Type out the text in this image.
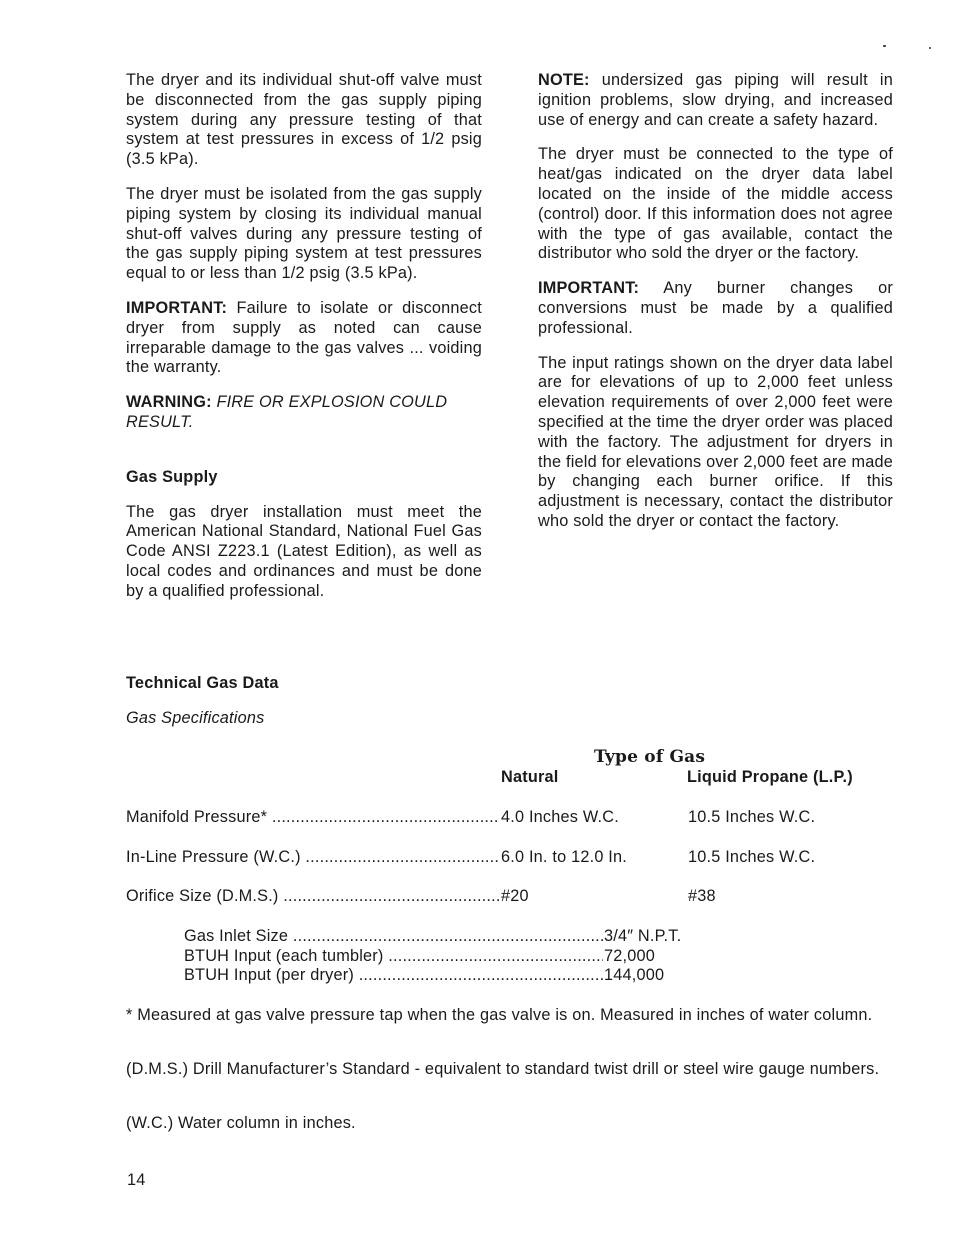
The dryer and its individual shut-off valve must be disconnected from the gas supply piping system during any pressure testing of that system at test pressures in excess of 1/2 psig (3.5 kPa).

The dryer must be isolated from the gas supply piping system by closing its individual manual shut-off valves during any pressure testing of the gas supply piping system at test pressures equal to or less than 1/2 psig (3.5 kPa).

IMPORTANT: Failure to isolate or disconnect dryer from supply as noted can cause irreparable damage to the gas valves ... voiding the warranty.

WARNING: FIRE OR EXPLOSION COULD RESULT.

Gas Supply

The gas dryer installation must meet the American National Standard, National Fuel Gas Code ANSI Z223.1 (Latest Edition), as well as local codes and ordinances and must be done by a qualified professional.

NOTE: undersized gas piping will result in ignition problems, slow drying, and increased use of energy and can create a safety hazard.

The dryer must be connected to the type of heat/gas indicated on the dryer data label located on the inside of the middle access (control) door. If this information does not agree with the type of gas available, contact the distributor who sold the dryer or the factory.

IMPORTANT: Any burner changes or conversions must be made by a qualified professional.

The input ratings shown on the dryer data label are for elevations of up to 2,000 feet unless elevation requirements of over 2,000 feet were specified at the time the dryer order was placed with the factory. The adjustment for dryers in the field for elevations over 2,000 feet are made by changing each burner orifice. If this adjustment is necessary, contact the distributor who sold the dryer or contact the factory.

Technical Gas Data
Gas Specifications
Type of Gas
Natural	Liquid Propane (L.P.)
Manifold Pressure* .....	4.0 Inches W.C.	10.5 Inches W.C.
In-Line Pressure (W.C.) .....	6.0 In. to 12.0 In.	10.5 Inches W.C.
Orifice Size (D.M.S.) .....	#20	#38
Gas Inlet Size .....	3/4″ N.P.T.
BTUH Input (each tumbler) .....	72,000
BTUH Input (per dryer) .....	144,000
* Measured at gas valve pressure tap when the gas valve is on. Measured in inches of water column.
(D.M.S.) Drill Manufacturer’s Standard - equivalent to standard twist drill or steel wire gauge numbers.
(W.C.) Water column in inches.
14
